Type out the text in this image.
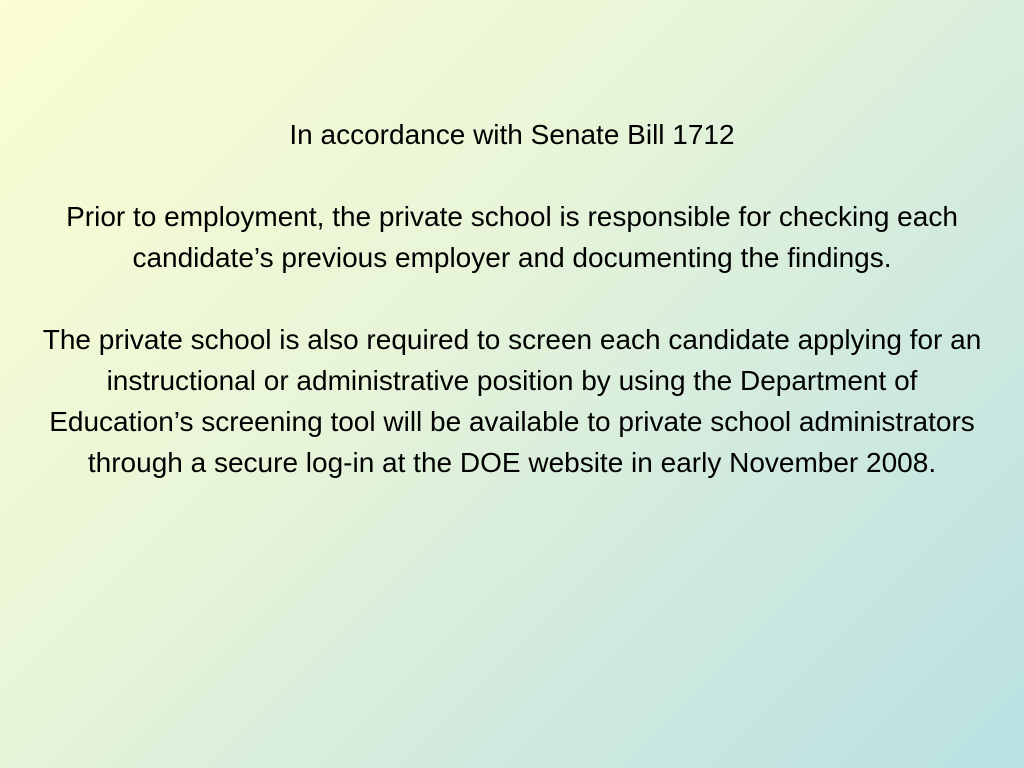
In accordance with Senate Bill 1712

Prior to employment, the private school is responsible for checking each candidate’s previous employer and documenting the findings.

The private school is also required to screen each candidate applying for an instructional or administrative position by using the Department of Education’s screening tool will be available to private school administrators through a secure log-in at the DOE website in early November 2008.
